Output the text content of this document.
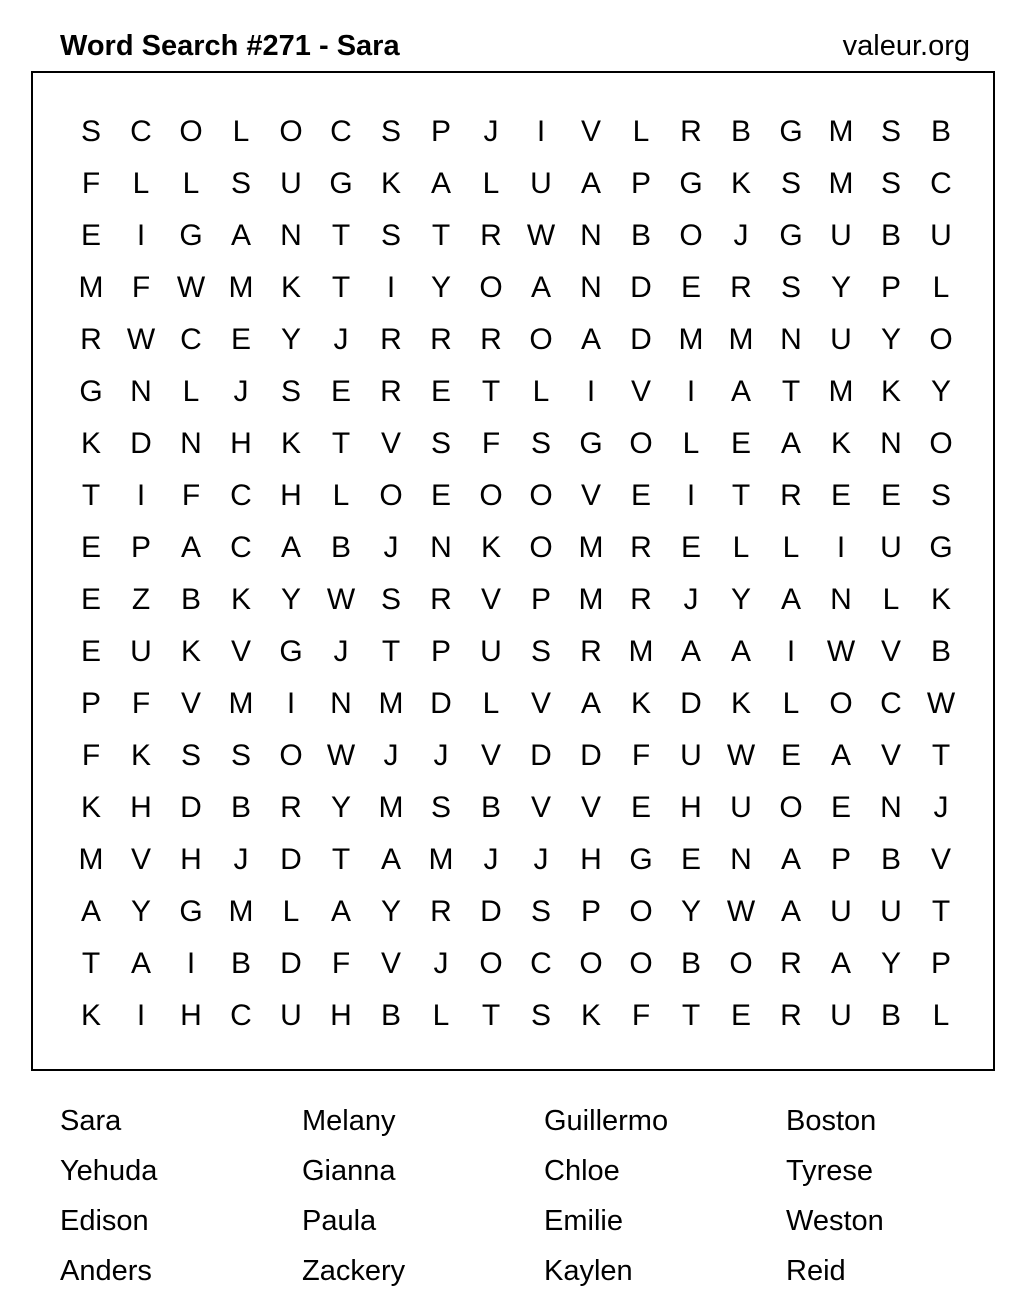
Word Search #271 - Sara	valeur.org
S C O L O C S P	J	I	V	L	R B G M S B
F	L	L	S U G K A	L	U A P G K S M S C
E	I	G A N	T	S	T	R W N B O	J	G U B U
M F W M K	T	I	Y O A N D E R S Y P	L
R W C E Y	J	R R R O A D M M N U Y O
G N	L	J	S E R E	T	L	I	V	I	A	T M K Y
K D N H K	T	V S	F	S G O L	E A K N O
T	I	F	C H	L O E O O V E	I	T	R E E S
E P A C A B	J	N K O M R E	L	L	I	U G
E	Z	B K Y W S R V P M R	J	Y A N	L	K
E U K V G	J	T	P U S R M A A	I	W V B
P	F	V M	I	N M D	L	V A K D K	L O C W
F	K S S O W J	J	V D D	F	U W E A V	T
K H D B R Y M S B V V E H U O E N	J
M V H	J	D	T	A M	J	J	H G E N A P B V
A Y G M L	A Y R D S P O Y W A U U	T
T	A	I	B D	F	V	J	O C O O B O R A Y P
K	I	H C U H B	L	T	S K	F	T	E R U B	L
Sara	Melany	Guillermo	Boston
Yehuda	Gianna	Chloe	Tyrese
Edison	Paula	Emilie	Weston
Anders	Zackery	Kaylen	Reid
